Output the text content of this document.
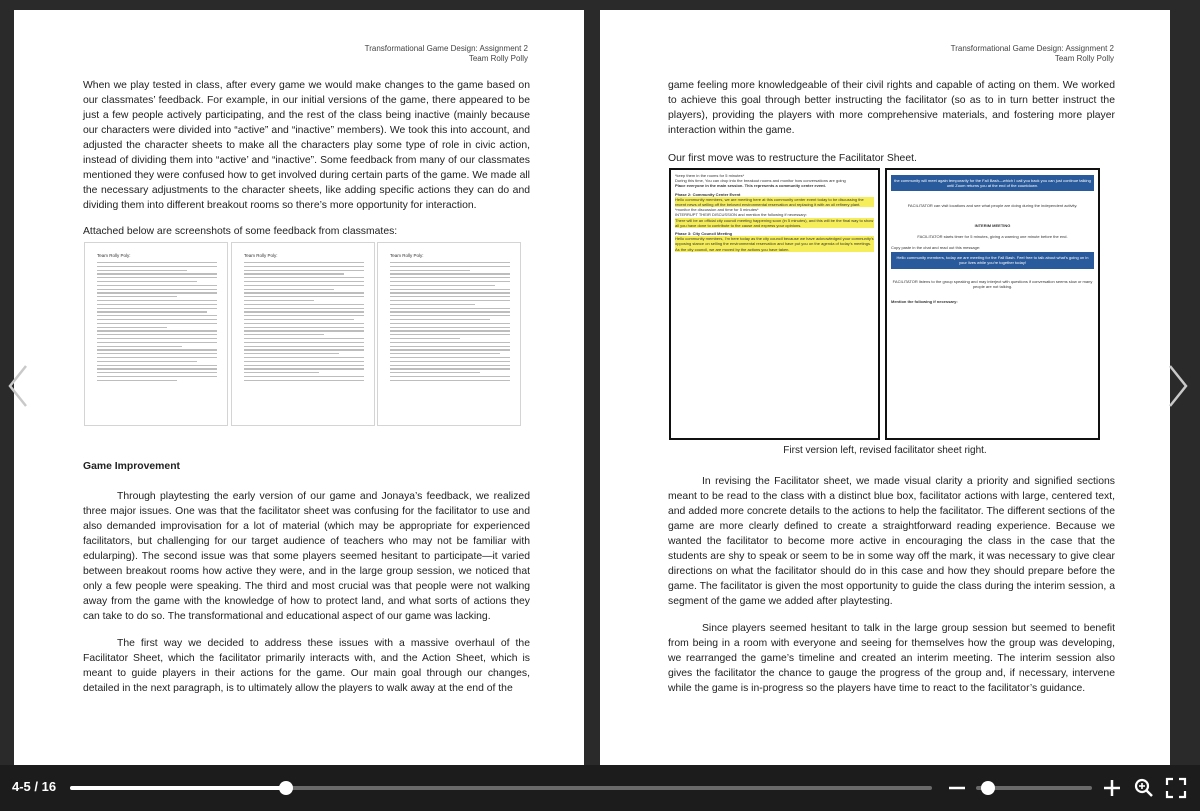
Transformational Game Design: Assignment 2
Team Rolly Polly

When we play tested in class, after every game we would make changes to the game based on our classmates’ feedback. For example, in our initial versions of the game, there appeared to be just a few people actively participating, and the rest of the class being inactive (mainly because our characters were divided into “active” and “inactive” members). We took this into account, and adjusted the character sheets to make all the characters play some type of role in civic action, instead of dividing them into “active’ and “inactive”. Some feedback from many of our classmates mentioned they were confused how to get involved during certain parts of the game. We made all the necessary adjustments to the character sheets, like adding specific actions they can do and dividing them into different breakout rooms so there’s more opportunity for interaction.

Attached below are screenshots of some feedback from classmates:

Team Rolly Poly:	Team Rolly Poly:	Team Rolly Poly:

Game Improvement

Through playtesting the early version of our game and Jonaya’s feedback, we realized three major issues. One was that the facilitator sheet was confusing for the facilitator to use and also demanded improvisation for a lot of material (which may be appropriate for experienced facilitators, but challenging for our target audience of teachers who may not be familiar with edularping). The second issue was that some players seemed hesitant to participate—it varied between breakout rooms how active they were, and in the large group session, we noticed that only a few people were speaking. The third and most crucial was that people were not walking away from the game with the knowledge of how to protect land, and what sorts of actions they can take to do so. The transformational and educational aspect of our game was lacking.

The first way we decided to address these issues with a massive overhaul of the Facilitator Sheet, which the facilitator primarily interacts with, and the Action Sheet, which is meant to guide players in their actions for the game. Our main goal through our changes, detailed in the next paragraph, is to ultimately allow the players to walk away at the end of the

Transformational Game Design: Assignment 2
Team Rolly Polly

game feeling more knowledgeable of their civil rights and capable of acting on them. We worked to achieve this goal through better instructing the facilitator (so as to in turn better instruct the players), providing the players with more comprehensive materials, and fostering more player interaction within the game.

Our first move was to restructure the Facilitator Sheet.

*keep them in the rooms for 5 minutes*
During this time, You can drop into the breakout rooms and monitor how conversations are going
Place everyone in the main session. This represents a community center event.
Phase 2: Community Center Event
Hello community members, we are meeting here at this community center event today to be discussing the recent news of selling off the beloved environmental reservation and replacing it with an oil refinery plant.
*monitor the discussion and time for 5 minutes*
INTERRUPT THEIR DISCUSSION and mention the following if necessary:
There will be an official city council meeting happening soon (in 5 minutes), and this will be the final way to show all you have done to contribute to the cause and express your opinions.
Phase 3: City Council Meeting
Hello community members, I’m here today as the city council because we have acknowledged your community’s opposing stance on selling the environmental reservation and have put you on the agenda of today’s meetings.
As the city council, we are moved by the actions you have taken.
the community will meet again temporarily for the Fall Bash—which I call you back you can just continue talking until Zoom returns you at the end of the countdown.
FACILITATOR can visit locations and see what people are doing during the independent activity.
INTERIM MEETING
FACILITATOR starts timer for 5 minutes, giving a warning one minute before the end.
Copy paste in the chat and read out this message:
Hello community members, today we are meeting for the Fall Bash. Feel free to talk about what’s going on in your lives while you’re together today!
FACILITATOR listens to the group speaking and may interject with questions if conversation seems slow or many people are not talking.
Mention the following if necessary:
First version left, revised facilitator sheet right.

In revising the Facilitator sheet, we made visual clarity a priority and signified sections meant to be read to the class with a distinct blue box, facilitator actions with large, centered text, and added more concrete details to the actions to help the facilitator. The different sections of the game are more clearly defined to create a straightforward reading experience. Because we wanted the facilitator to become more active in encouraging the class in the case that the students are shy to speak or seem to be in some way off the mark, it was necessary to give clear directions on what the facilitator should do in this case and how they should prepare before the game. The facilitator is given the most opportunity to guide the class during the interim session, a segment of the game we added after playtesting.

Since players seemed hesitant to talk in the large group session but seemed to benefit from being in a room with everyone and seeing for themselves how the group was developing, we rearranged the game’s timeline and created an interim meeting. The interim session also gives the facilitator the chance to gauge the progress of the group and, if necessary, intervene while the game is in-progress so the players have time to react to the facilitator’s guidance.

4-5 / 16
